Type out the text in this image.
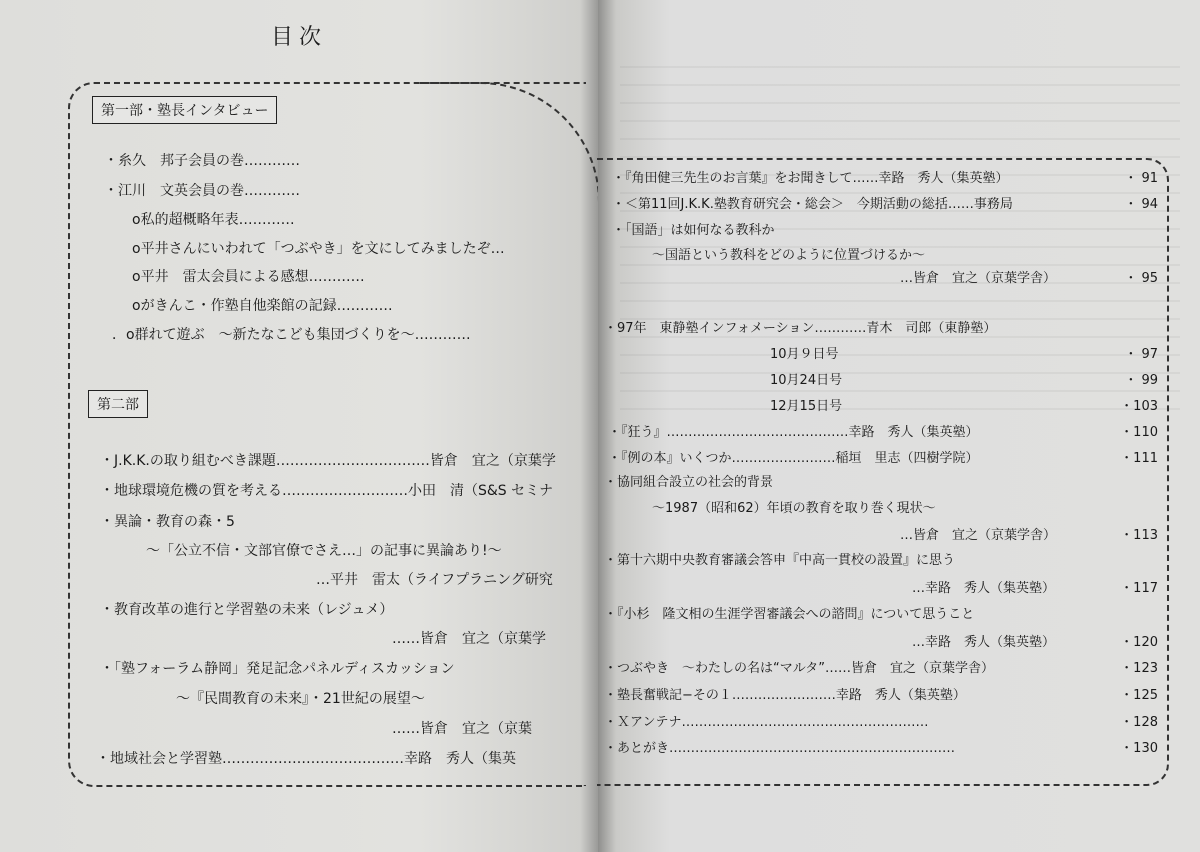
目次
第一部・塾長インタビュー
・糸久　邦子会員の巻…………
・江川　文英会員の巻…………
o私的超概略年表…………
o平井さんにいわれて「つぶやき」を文にしてみましたぞ…
o平井　雷太会員による感想…………
oがきんこ・作塾自他楽館の記録…………
．o群れて遊ぶ　〜新たなこども集団づくりを〜…………
第二部
・J.K.K.の取り組むべき課題……………………………皆倉　宜之（京葉学
・地球環境危機の質を考える………………………小田　清（S&S セミナ
・異論・教育の森・5
〜「公立不信・文部官僚でさえ…」の記事に異論あり!〜
…平井　雷太（ライフプラニング研究
・教育改革の進行と学習塾の未来（レジュメ）
……皆倉　宜之（京葉学
・「塾フォーラム静岡」発足記念パネルディスカッション
〜『民間教育の未来』・21世紀の展望〜
……皆倉　宜之（京葉
・地域社会と学習塾…………………………………幸路　秀人（集英
・『角田健三先生のお言葉』をお聞きして……幸路　秀人（集英塾）	・ 91
・＜第11回J.K.K.塾教育研究会・総会＞　今期活動の総括……事務局	・ 94
・「国語」は如何なる教科か
〜国語という教科をどのように位置づけるか〜
…皆倉　宜之（京葉学舎）	・ 95
・97年　東静塾インフォメーション…………青木　司郎（東静塾）
10月９日号	・ 97
10月24日号	・ 99
12月15日号	・103
・『狂う』……………………………………幸路　秀人（集英塾）	・110
・『例の本』いくつか……………………稲垣　里志（四樹学院）	・111
・協同組合設立の社会的背景
〜1987（昭和62）年頃の教育を取り巻く現状〜
…皆倉　宜之（京葉学舎）	・113
・第十六期中央教育審議会答申『中高一貫校の設置』に思う
…幸路　秀人（集英塾）	・117
・『小杉　隆文相の生涯学習審議会への諮問』について思うこと
…幸路　秀人（集英塾）	・120
・つぶやき　〜わたしの名は“マルタ”……皆倉　宜之（京葉学舎）	・123
・塾長奮戦記−その１……………………幸路　秀人（集英塾）	・125
・Ｘアンテナ…………………………………………………	・128
・あとがき…………………………………………………………	・130
